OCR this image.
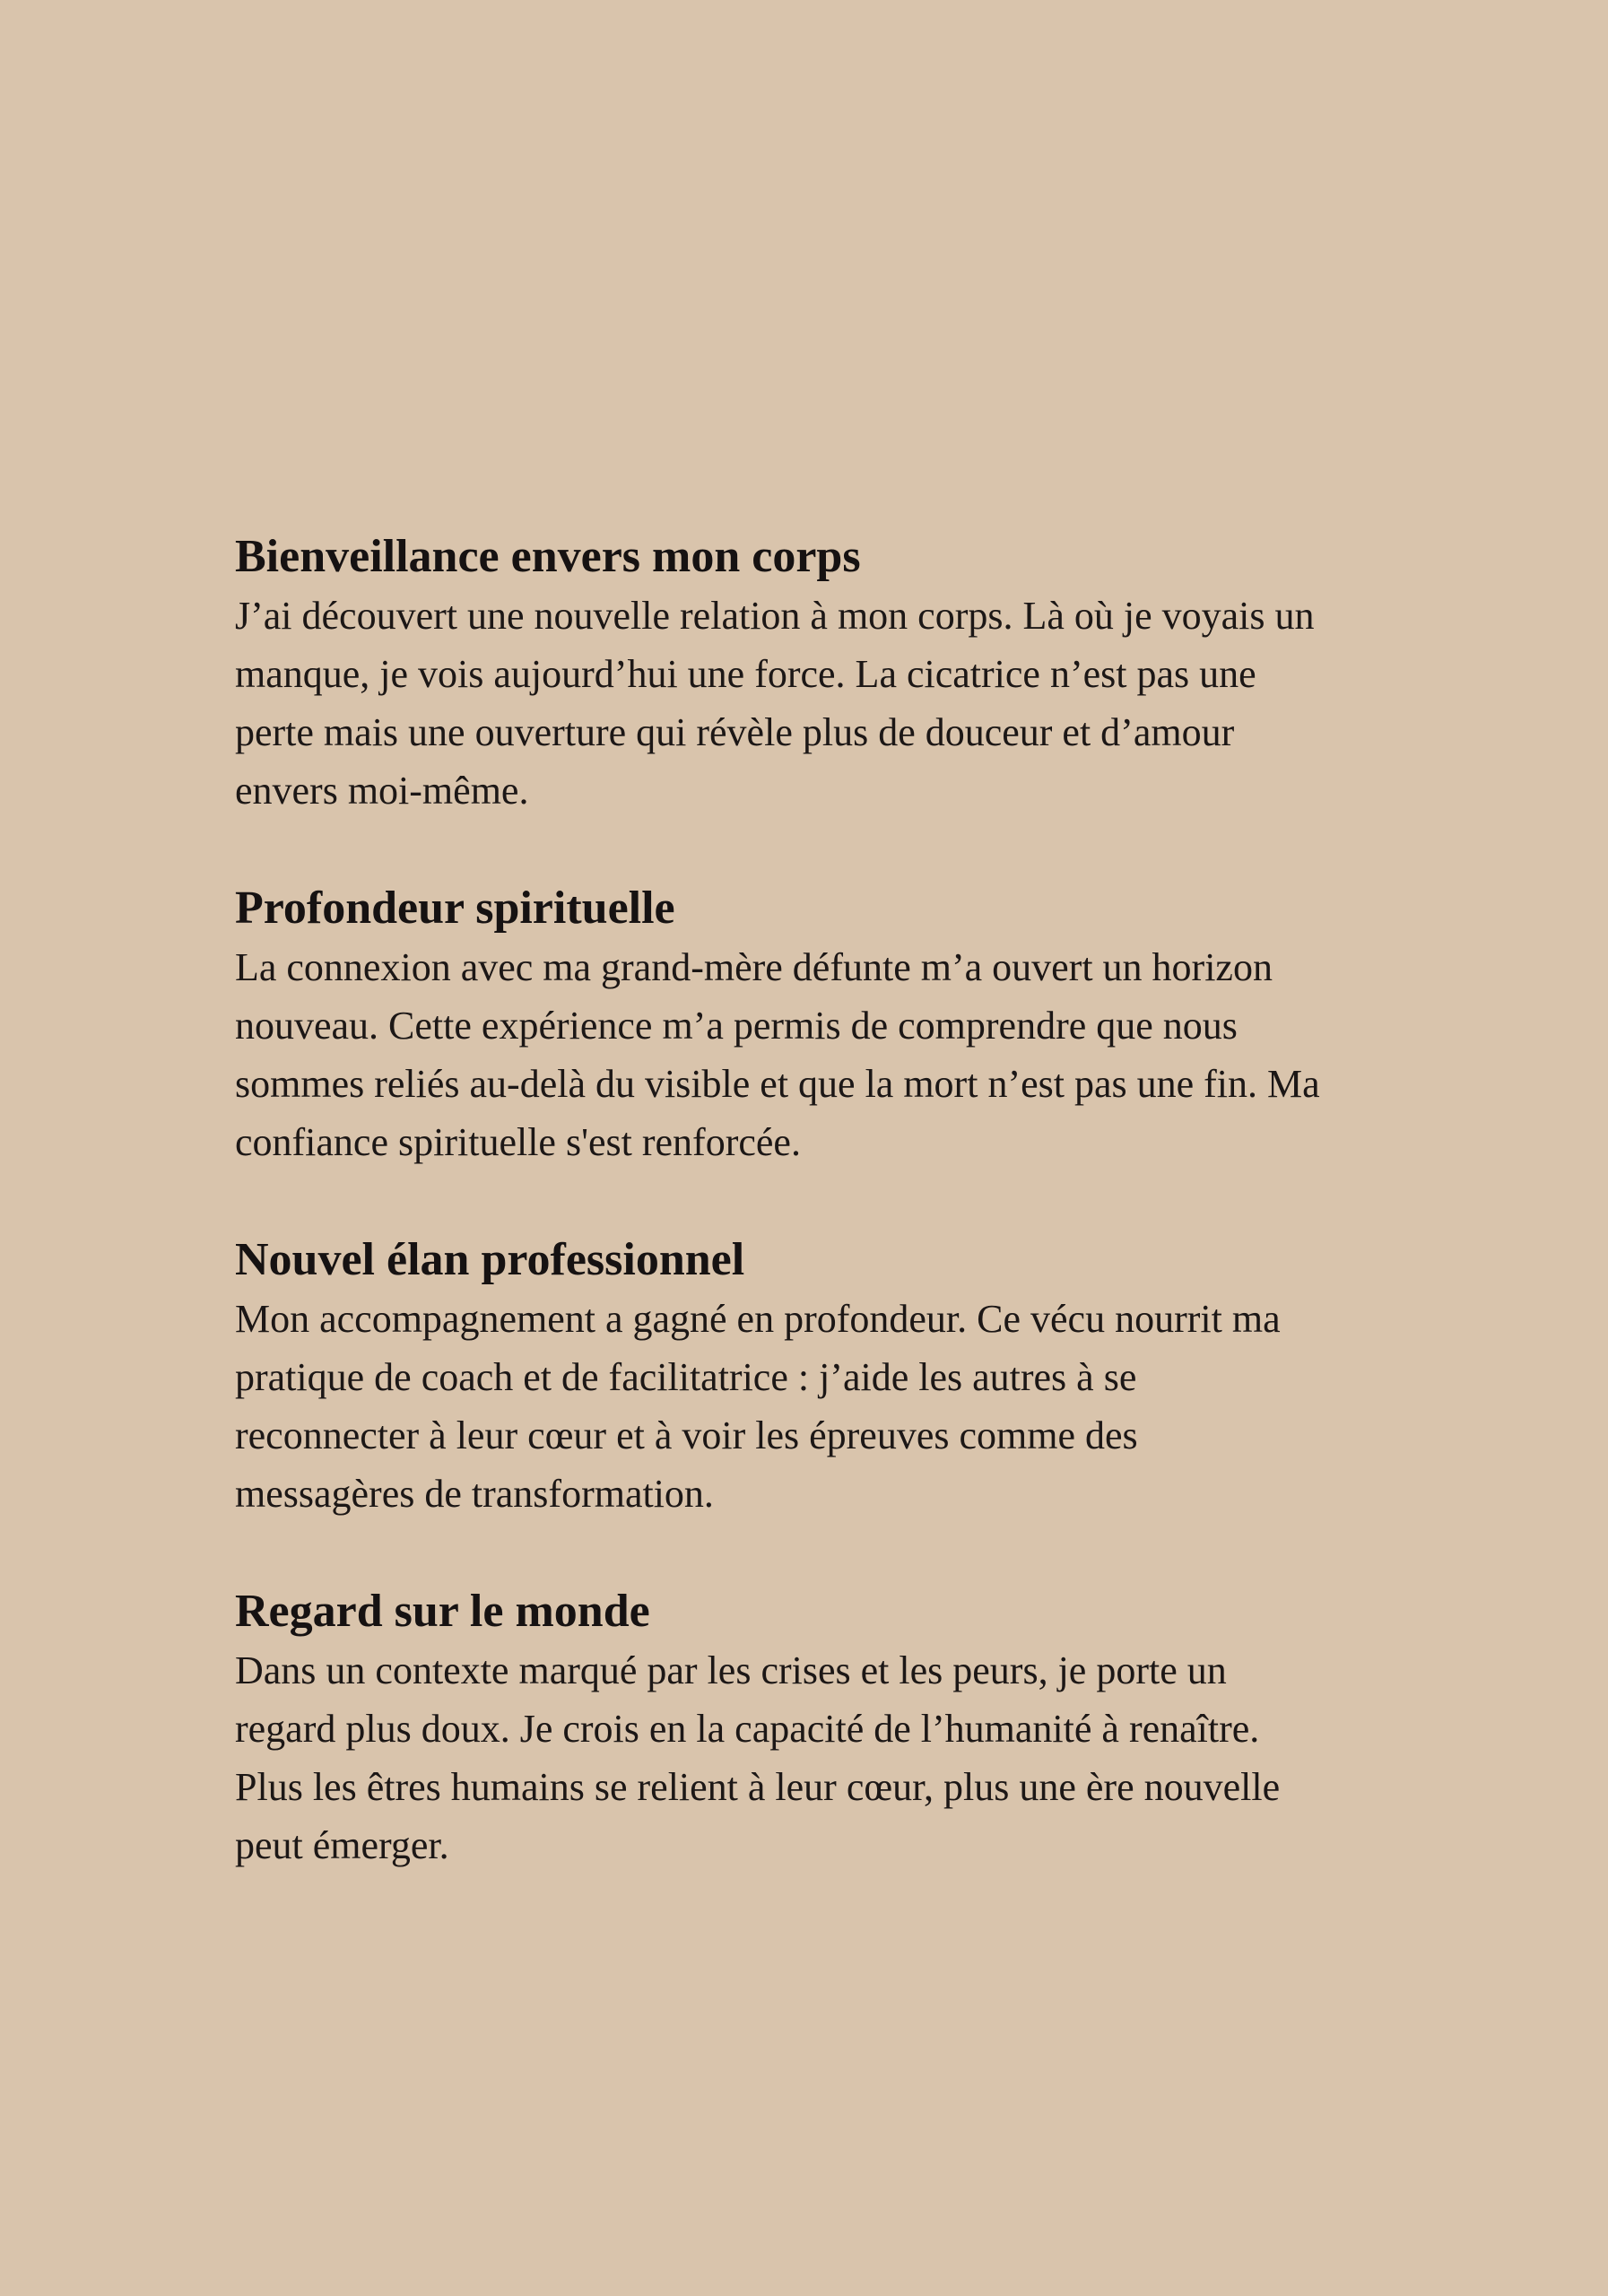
Bienveillance envers mon corps

J’ai découvert une nouvelle relation à mon corps. Là où je voyais un
manque, je vois aujourd’hui une force. La cicatrice n’est pas une
perte mais une ouverture qui révèle plus de douceur et d’amour
envers moi-même.

Profondeur spirituelle

La connexion avec ma grand-mère défunte m’a ouvert un horizon
nouveau. Cette expérience m’a permis de comprendre que nous
sommes reliés au-delà du visible et que la mort n’est pas une fin. Ma
confiance spirituelle s'est renforcée.

Nouvel élan professionnel

Mon accompagnement a gagné en profondeur. Ce vécu nourrit ma
pratique de coach et de facilitatrice : j’aide les autres à se
reconnecter à leur cœur et à voir les épreuves comme des
messagères de transformation.

Regard sur le monde

Dans un contexte marqué par les crises et les peurs, je porte un
regard plus doux. Je crois en la capacité de l’humanité à renaître.
Plus les êtres humains se relient à leur cœur, plus une ère nouvelle
peut émerger.
